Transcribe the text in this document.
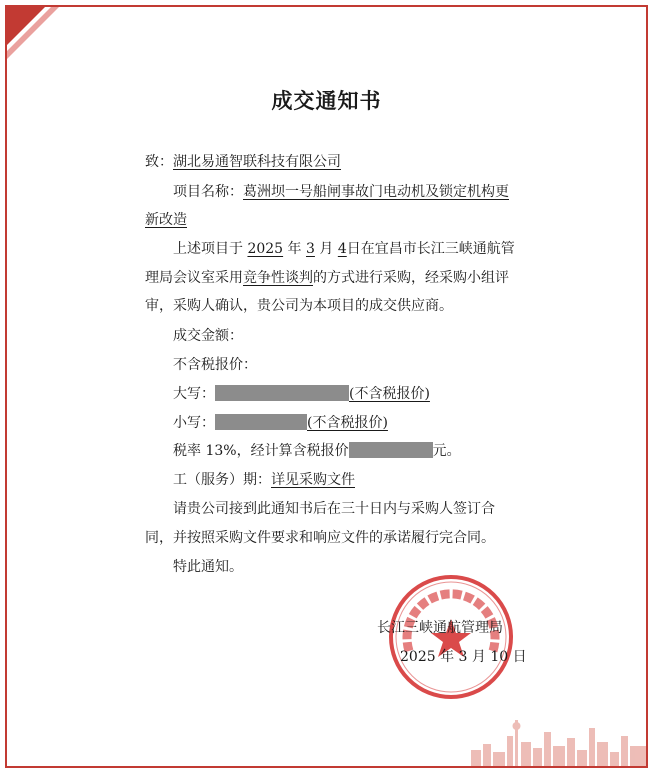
成交通知书
致：湖北易通智联科技有限公司
项目名称：葛洲坝一号船闸事故门电动机及锁定机构更
新改造
上述项目于 2025 年 3 月 4日在宜昌市长江三峡通航管
理局会议室采用竞争性谈判的方式进行采购，经采购小组评
审，采购人确认，贵公司为本项目的成交供应商。
成交金额：
不含税报价：
大写：	(不含税报价)
小写：	(不含税报价)
税率 13%，经计算含税报价	元。
工（服务）期：详见采购文件
请贵公司接到此通知书后在三十日内与采购人签订合
同，并按照采购文件要求和响应文件的承诺履行完合同。
特此通知。
长江三峡通航管理局
2025 年 3 月 10 日
